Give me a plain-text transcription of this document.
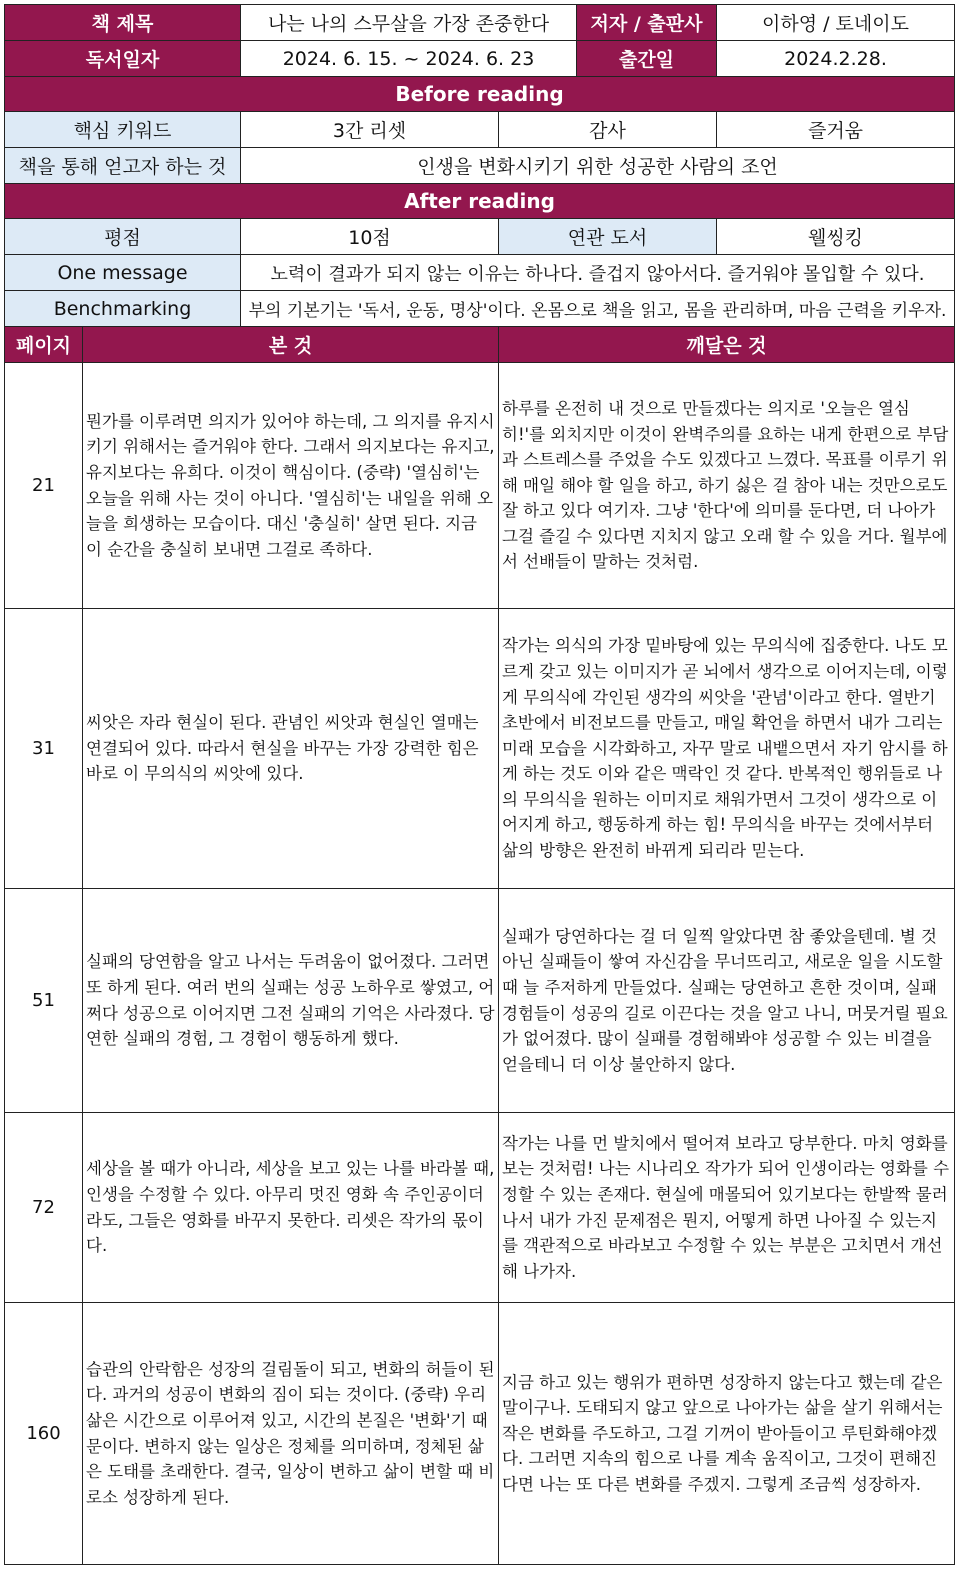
책 제목		나는 나의 스무살을 가장 존중한다		저자 / 출판사	이하영 / 토네이도
독서일자		2024. 6. 15. ~ 2024. 6. 23		출간일	2024.2.28.
Before reading					
핵심 키워드		3간 리셋	감사		즐거움
책을 통해 얻고자 하는 것		인생을 변화시키기 위한 성공한 사람의 조언			
After reading					
평점		10점	연관 도서		웰씽킹
One message		노력이 결과가 되지 않는 이유는 하나다. 즐겁지 않아서다. 즐거워야 몰입할 수 있다.			
Benchmarking		부의 기본기는 '독서, 운동, 명상'이다. 온몸으로 책을 읽고, 몸을 관리하며, 마음 근력을 키우자.			
페이지	본 것		깨달은 것		
21	뭔가를 이루려면 의지가 있어야 하는데, 그 의지를 유지시키기 위해서는 즐거워야 한다. 그래서 의지보다는 유지고, 유지보다는 유희다. 이것이 핵심이다. (중략) '열심히'는 오늘을 위해 사는 것이 아니다. '열심히'는 내일을 위해 오늘을 희생하는 모습이다. 대신 '충실히' 살면 된다. 지금 이 순간을 충실히 보내면 그걸로 족하다.		하루를 온전히 내 것으로 만들겠다는 의지로 '오늘은 열심히!'를 외치지만 이것이 완벽주의를 요하는 내게 한편으로 부담과 스트레스를 주었을 수도 있겠다고 느꼈다. 목표를 이루기 위해 매일 해야 할 일을 하고, 하기 싫은 걸 참아 내는 것만으로도 잘 하고 있다 여기자. 그냥 '한다'에 의미를 둔다면, 더 나아가 그걸 즐길 수 있다면 지치지 않고 오래 할 수 있을 거다. 월부에서 선배들이 말하는 것처럼.		
31	씨앗은 자라 현실이 된다. 관념인 씨앗과 현실인 열매는 연결되어 있다. 따라서 현실을 바꾸는 가장 강력한 힘은 바로 이 무의식의 씨앗에 있다.		작가는 의식의 가장 밑바탕에 있는 무의식에 집중한다. 나도 모르게 갖고 있는 이미지가 곧 뇌에서 생각으로 이어지는데, 이렇게 무의식에 각인된 생각의 씨앗을 '관념'이라고 한다. 열반기초반에서 비전보드를 만들고, 매일 확언을 하면서 내가 그리는 미래 모습을 시각화하고, 자꾸 말로 내뱉으면서 자기 암시를 하게 하는 것도 이와 같은 맥락인 것 같다. 반복적인 행위들로 나의 무의식을 원하는 이미지로 채워가면서 그것이 생각으로 이어지게 하고, 행동하게 하는 힘! 무의식을 바꾸는 것에서부터 삶의 방향은 완전히 바뀌게 되리라 믿는다.		
51	실패의 당연함을 알고 나서는 두려움이 없어졌다. 그러면 또 하게 된다. 여러 번의 실패는 성공 노하우로 쌓였고, 어쩌다 성공으로 이어지면 그전 실패의 기억은 사라졌다. 당연한 실패의 경험, 그 경험이 행동하게 했다.		실패가 당연하다는 걸 더 일찍 알았다면 참 좋았을텐데. 별 것 아닌 실패들이 쌓여 자신감을 무너뜨리고, 새로운 일을 시도할 때 늘 주저하게 만들었다. 실패는 당연하고 흔한 것이며, 실패 경험들이 성공의 길로 이끈다는 것을 알고 나니, 머뭇거릴 필요가 없어졌다. 많이 실패를 경험해봐야 성공할 수 있는 비결을 얻을테니 더 이상 불안하지 않다.		
72	세상을 볼 때가 아니라, 세상을 보고 있는 나를 바라볼 때, 인생을 수정할 수 있다. 아무리 멋진 영화 속 주인공이더라도, 그들은 영화를 바꾸지 못한다. 리셋은 작가의 몫이다.		작가는 나를 먼 발치에서 떨어져 보라고 당부한다. 마치 영화를 보는 것처럼! 나는 시나리오 작가가 되어 인생이라는 영화를 수정할 수 있는 존재다. 현실에 매몰되어 있기보다는 한발짝 물러나서 내가 가진 문제점은 뭔지, 어떻게 하면 나아질 수 있는지를 객관적으로 바라보고 수정할 수 있는 부분은 고치면서 개선해 나가자.		
160	습관의 안락함은 성장의 걸림돌이 되고, 변화의 허들이 된다. 과거의 성공이 변화의 짐이 되는 것이다. (중략) 우리 삶은 시간으로 이루어져 있고, 시간의 본질은 '변화'기 때문이다. 변하지 않는 일상은 정체를 의미하며, 정체된 삶은 도태를 초래한다. 결국, 일상이 변하고 삶이 변할 때 비로소 성장하게 된다.		지금 하고 있는 행위가 편하면 성장하지 않는다고 했는데 같은 말이구나. 도태되지 않고 앞으로 나아가는 삶을 살기 위해서는 작은 변화를 주도하고, 그걸 기꺼이 받아들이고 루틴화해야겠다. 그러면 지속의 힘으로 나를 계속 움직이고, 그것이 편해진다면 나는 또 다른 변화를 주겠지. 그렇게 조금씩 성장하자.		
